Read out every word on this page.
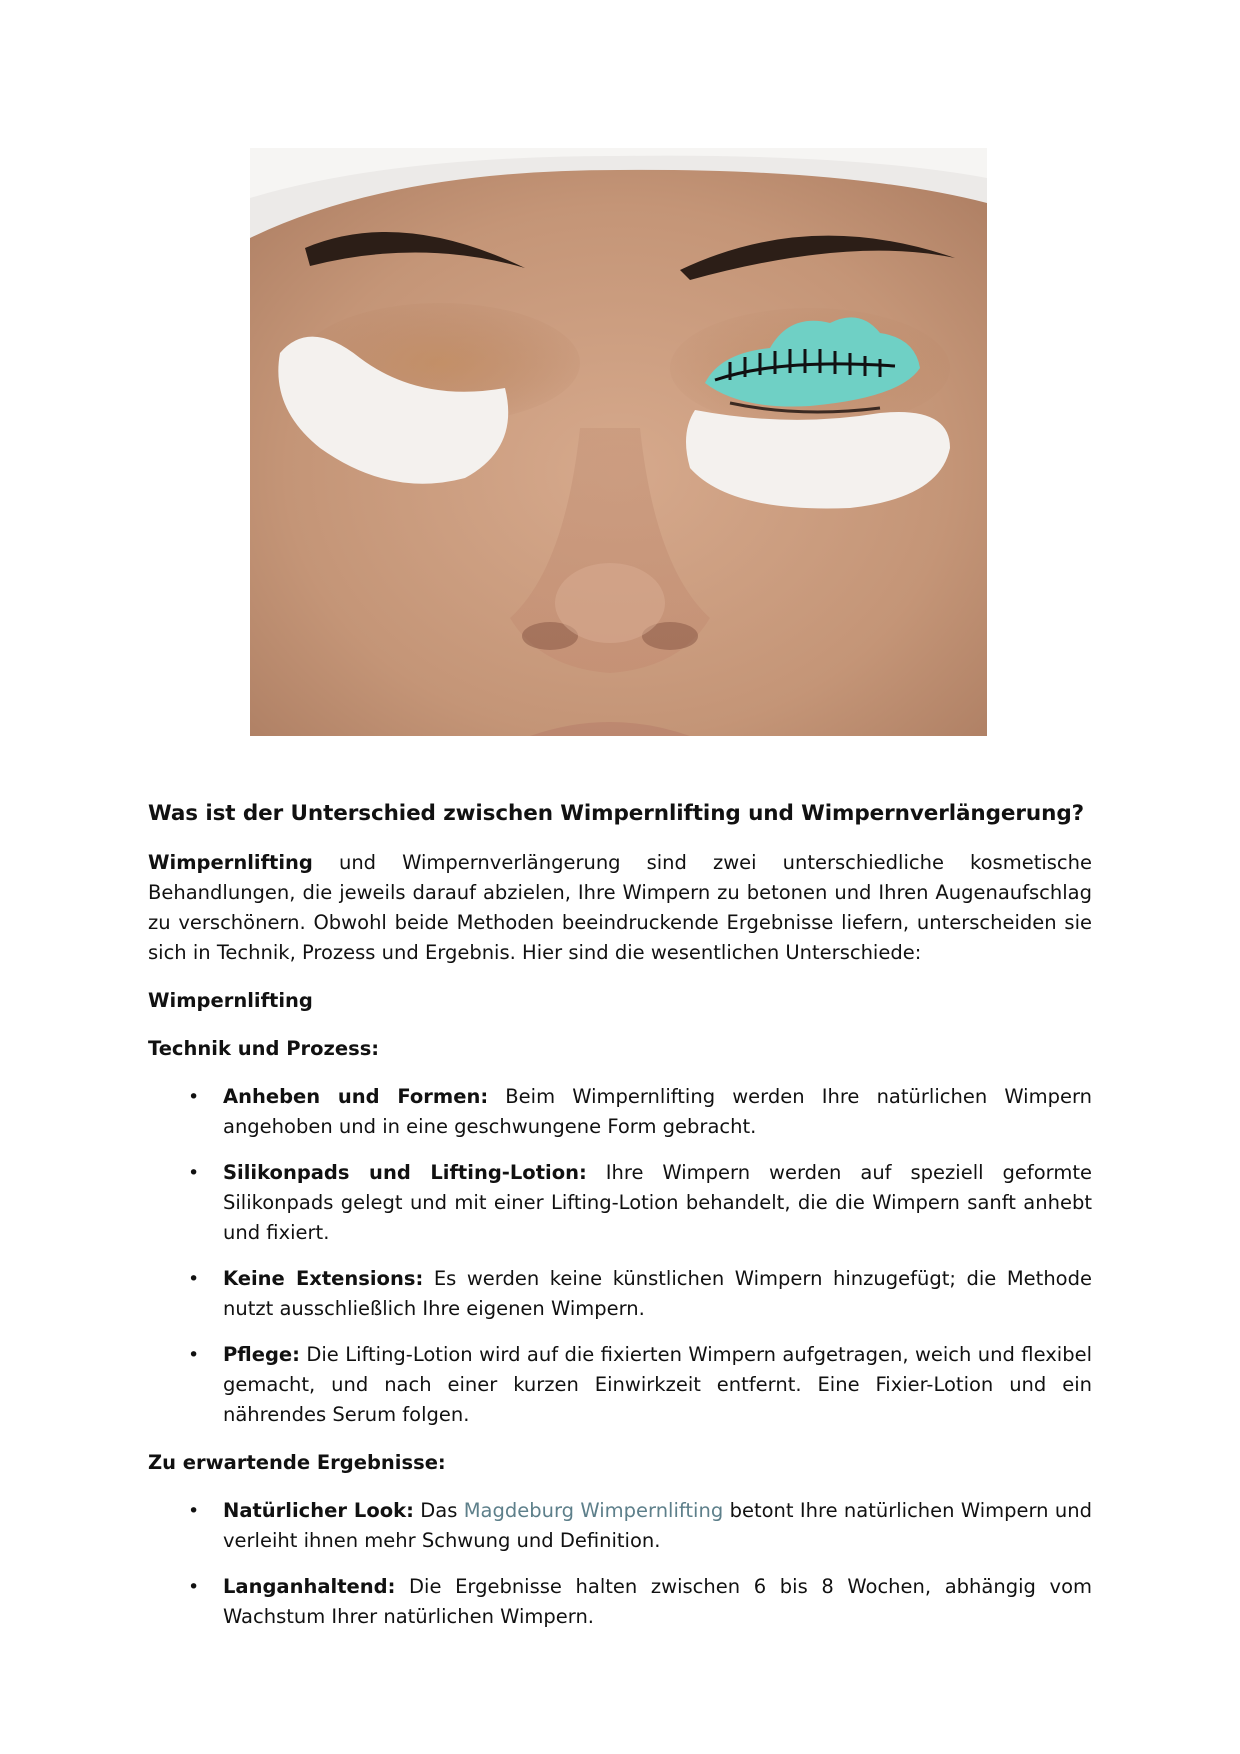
Was ist der Unterschied zwischen Wimpernlifting und Wimpernverlängerung?

Wimpernlifting und Wimpernverlängerung sind zwei unterschiedliche kosmetische Behandlungen, die jeweils darauf abzielen, Ihre Wimpern zu betonen und Ihren Augenaufschlag zu verschönern. Obwohl beide Methoden beeindruckende Ergebnisse liefern, unterscheiden sie sich in Technik, Prozess und Ergebnis. Hier sind die wesentlichen Unterschiede:

Wimpernlifting
Technik und Prozess:
• Anheben und Formen: Beim Wimpernlifting werden Ihre natürlichen Wimpern angehoben und in eine geschwungene Form gebracht.
• Silikonpads und Lifting-Lotion: Ihre Wimpern werden auf speziell geformte Silikonpads gelegt und mit einer Lifting-Lotion behandelt, die die Wimpern sanft anhebt und fixiert.
• Keine Extensions: Es werden keine künstlichen Wimpern hinzugefügt; die Methode nutzt ausschließlich Ihre eigenen Wimpern.
• Pflege: Die Lifting-Lotion wird auf die fixierten Wimpern aufgetragen, weich und flexibel gemacht, und nach einer kurzen Einwirkzeit entfernt. Eine Fixier-Lotion und ein nährendes Serum folgen.
Zu erwartende Ergebnisse:
• Natürlicher Look: Das Magdeburg Wimpernlifting betont Ihre natürlichen Wimpern und verleiht ihnen mehr Schwung und Definition.
• Langanhaltend: Die Ergebnisse halten zwischen 6 bis 8 Wochen, abhängig vom Wachstum Ihrer natürlichen Wimpern.
